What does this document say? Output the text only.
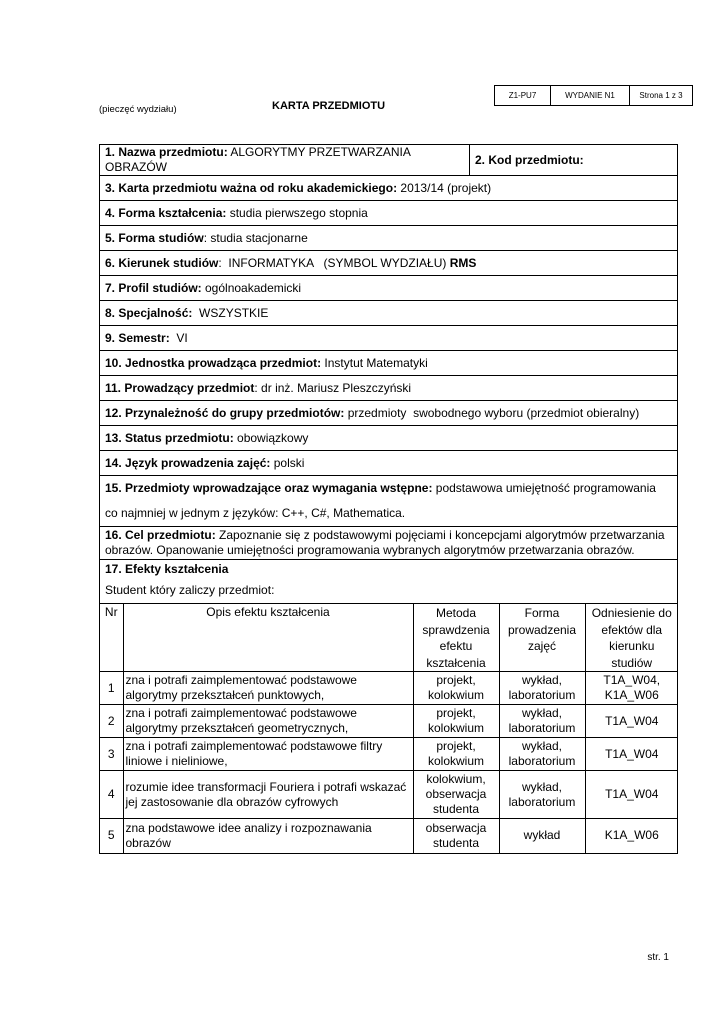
Z1-PU7	WYDANIE N1	Strona 1 z 3
(pieczęć wydziału)	KARTA PRZEDMIOTU
1. Nazwa przedmiotu: ALGORYTMY PRZETWARZANIA OBRAZÓW	2. Kod przedmiotu:
3. Karta przedmiotu ważna od roku akademickiego: 2013/14 (projekt)
4. Forma kształcenia: studia pierwszego stopnia
5. Forma studiów: studia stacjonarne
6. Kierunek studiów:  INFORMATYKA   (SYMBOL WYDZIAŁU) RMS
7. Profil studiów: ogólnoakademicki
8. Specjalność:  WSZYSTKIE
9. Semestr:  VI
10. Jednostka prowadząca przedmiot: Instytut Matematyki
11. Prowadzący przedmiot: dr inż. Mariusz Pleszczyński
12. Przynależność do grupy przedmiotów: przedmioty  swobodnego wyboru (przedmiot obieralny)
13. Status przedmiotu: obowiązkowy
14. Język prowadzenia zajęć: polski

15. Przedmioty wprowadzające oraz wymagania wstępne: podstawowa umiejętność programowania
co najmniej w jednym z języków: C++, C#, Mathematica.

16. Cel przedmiotu: Zapoznanie się z podstawowymi pojęciami i koncepcjami algorytmów przetwarzania obrazów. Opanowanie umiejętności programowania wybranych algorytmów przetwarzania obrazów.

17. Efekty kształcenia
Student który zaliczy przedmiot:
Nr	Opis efektu kształcenia	Metoda sprawdzenia efektu kształcenia	Forma prowadzenia zajęć	Odniesienie do efektów dla kierunku studiów
1	zna i potrafi zaimplementować podstawowe algorytmy przekształceń punktowych,	projekt, kolokwium	wykład, laboratorium	T1A_W04, K1A_W06
2	zna i potrafi zaimplementować podstawowe algorytmy przekształceń geometrycznych,	projekt, kolokwium	wykład, laboratorium	T1A_W04
3	zna i potrafi zaimplementować podstawowe filtry liniowe i nieliniowe,	projekt, kolokwium	wykład, laboratorium	T1A_W04
4	rozumie idee transformacji Fouriera i potrafi wskazać jej zastosowanie dla obrazów cyfrowych	kolokwium, obserwacja studenta	wykład, laboratorium	T1A_W04
5	zna podstawowe idee analizy i rozpoznawania obrazów	obserwacja studenta	wykład	K1A_W06
str. 1
